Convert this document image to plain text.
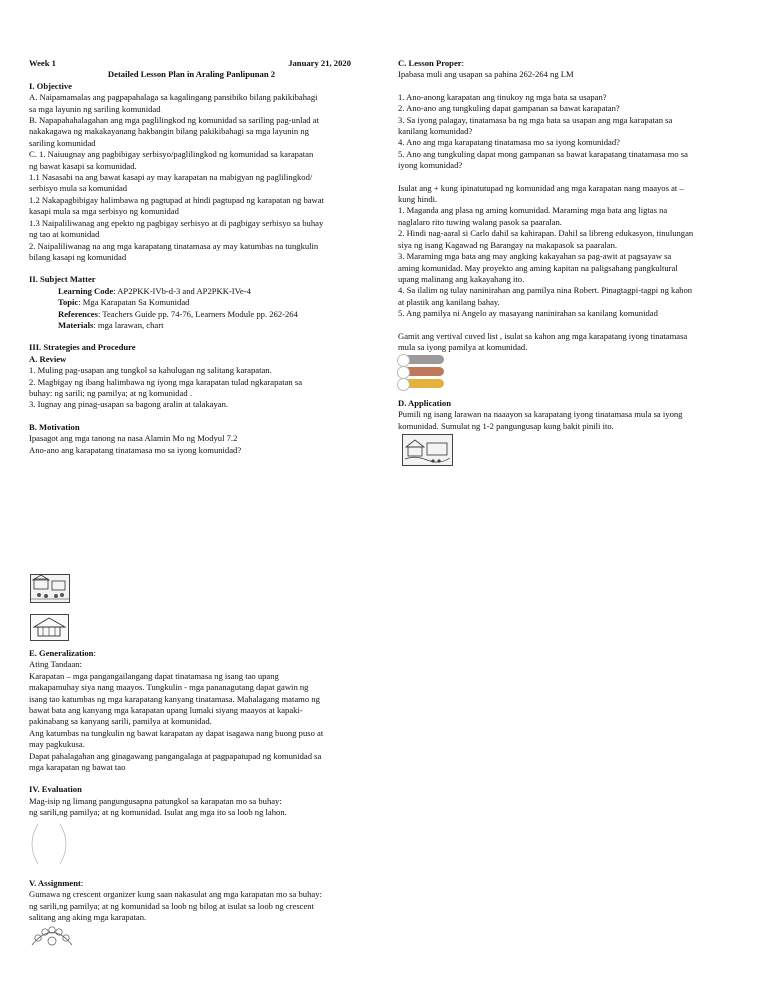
Week 1	January 21, 2020
Detailed Lesson Plan in Araling Panlipunan 2
I. Objective
A. Naipamamalas ang pagpapahalaga sa kagalingang pansibiko bilang pakikibahagi
sa mga layunin ng sariling komunidad
B. Napapahahalagahan ang mga paglilingkod ng komunidad sa sariling pag-unlad at
nakakagawa ng makakayanang hakbangin bilang pakikibahagi sa mga layunin ng
sariling komunidad
C. 1. Naiuugnay ang pagbibigay serbisyo/paglilingkod ng komunidad sa karapatan
ng bawat kasapi sa komunidad.
1.1 Nasasabi na ang bawat kasapi ay may karapatan na mabigyan ng paglilingkod/
serbisyo mula sa komunidad
1.2 Nakapagbibigay halimbawa ng pagtupad at hindi pagtupad ng karapatan ng bawat
kasapi mula sa mga serbisyo ng komunidad
1.3 Naipaliliwanag ang epekto ng pagbigay serbisyo at di pagbigay serbisyo sa buhay
ng tao at komunidad
2. Naipaliliwanag na ang mga karapatang tinatamasa ay may katumbas na tungkulin
bilang kasapi ng komunidad
II. Subject Matter
Learning Code: AP2PKK-IVb-d-3 and AP2PKK-IVe-4
Topic: Mga Karapatan Sa Komunidad
References: Teachers Guide pp. 74-76, Learners Module pp. 262-264
Materials: mga larawan, chart
III. Strategies and Procedure
A. Review
1. Muling pag-usapan ang tungkol sa kahulugan ng salitang karapatan.
2. Magbigay ng ibang halimbawa ng iyong mga karapatan tulad ngkarapatan sa
buhay: ng sarili; ng pamilya; at ng komunidad .
3. Iugnay ang pinag-usapan sa bagong aralin at talakayan.
B. Motivation
Ipasagot ang mga tanong na nasa Alamin Mo ng Modyul 7.2
Ano-ano ang karapatang tinatamasa mo sa iyong komunidad?
E. Generalization:
Ating Tandaan:
Karapatan – mga pangangailangang dapat tinatamasa ng isang tao upang
makapamuhay siya nang maayos. Tungkulin - mga pananagutang dapat gawin ng
isang tao katumbas ng mga karapatang kanyang tinatamasa. Mahalagang matamo ng
bawat bata ang kanyang mga karapatan upang lumaki siyang maayos at kapaki-
pakinabang sa kanyang sarili, pamilya at komunidad.
Ang katumbas na tungkulin ng bawat karapatan ay dapat isagawa nang buong puso at
may pagkukusa.
Dapat pahalagahan ang ginagawang pangangalaga at pagpapatupad ng komunidad sa
mga karapatan ng bawat tao
IV. Evaluation
Mag-isip ng limang pangungusapna patungkol sa karapatan mo sa buhay:
ng sarili,ng pamilya; at ng komunidad. Isulat ang mga ito sa loob ng lahon.
V. Assignment:
Gumawa ng crescent organizer kung saan nakasulat ang mga karapatan mo sa buhay:
ng sarili,ng pamilya; at ng komunidad sa loob ng bilog at isulat sa loob ng crescent
salitang ang aking mga karapatan.
C. Lesson Proper:
Ipabasa muli ang usapan sa pahina 262-264 ng LM
1. Ano-anong karapatan ang tinukoy ng mga bata sa usapan?
2. Ano-ano ang tungkuling dapat gampanan sa bawat karapatan?
3. Sa iyong palagay, tinatamasa ba ng mga bata sa usapan ang mga karapatan sa
kanilang komunidad?
4. Ano ang mga karapatang tinatamasa mo sa iyong komunidad?
5. Ano ang tungkuling dapat mong gampanan sa bawat karapatang tinatamasa mo sa
iyong komunidad?
Isulat ang + kung ipinatutupad ng komunidad ang mga karapatan nang maayos at –
kung hindi.
1. Maganda ang plasa ng aming komunidad. Maraming mga bata ang ligtas na
naglalaro rito tuwing walang pasok sa paaralan.
2. Hindi nag-aaral si Carlo dahil sa kahirapan. Dahil sa libreng edukasyon, tinulungan
siya ng isang Kagawad ng Barangay na makapasok sa paaralan.
3. Maraming mga bata ang may angking kakayahan sa pag-awit at pagsayaw sa
aming komunidad. May proyekto ang aming kapitan na paligsahang pangkultural
upang malinang ang kakayahang ito.
4. Sa ilalim ng tulay naninirahan ang pamilya nina Robert. Pinagtagpi-tagpi ng kahon
at plastik ang kanilang bahay.
5. Ang pamilya ni Angelo ay masayang naninirahan sa kanilang komunidad
Gamit ang vertival cuved list , isulat sa kahon ang mga karapatang iyong tinatamasa
mula sa iyong pamilya at komunidad.
D. Application
Pumili ng isang larawan na naaayon sa karapatang iyong tinatamasa mula sa iyong
komunidad. Sumulat ng 1-2 pangungusap kung bakit pinili ito.
